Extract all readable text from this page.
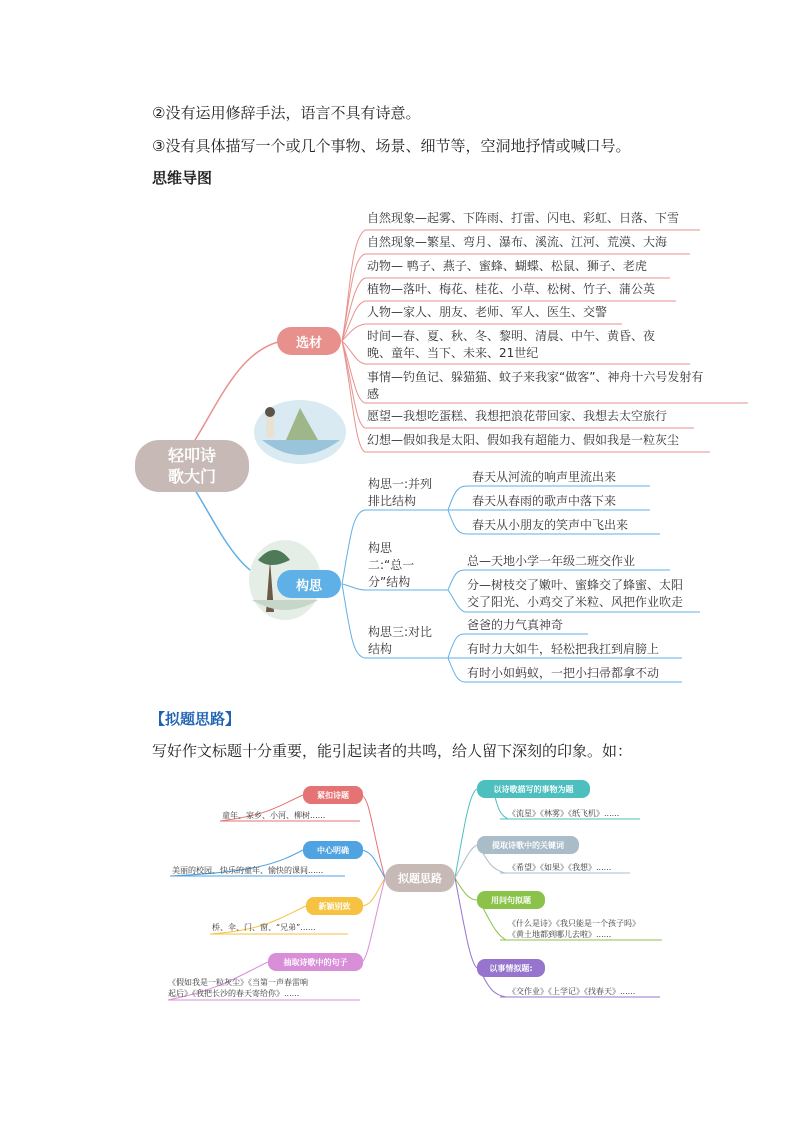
②没有运用修辞手法，语言不具有诗意。
③没有具体描写一个或几个事物、场景、细节等，空洞地抒情或喊口号。
思维导图
轻叩诗歌大门
选材
构思
自然现象—起雾、下阵雨、打雷、闪电、彩虹、日落、下雪
自然现象—繁星、弯月、瀑布、溪流、江河、荒漠、大海
动物— 鸭子、燕子、蜜蜂、蝴蝶、松鼠、狮子、老虎
植物—落叶、梅花、桂花、小草、松树、竹子、蒲公英
人物—家人、朋友、老师、军人、医生、交警
时间—春、夏、秋、冬、黎明、清晨、中午、黄昏、夜
晚、童年、当下、未来、21世纪
事情—钓鱼记、躲猫猫、蚊子来我家“做客”、神舟十六号发射有
感
愿望—我想吃蛋糕、我想把浪花带回家、我想去太空旅行
幻想—假如我是太阳、假如我有超能力、假如我是一粒灰尘
构思一:并列
排比结构
构思
二:“总一
分”结构
构思三:对比
结构
春天从河流的响声里流出来
春天从春雨的歌声中落下来
春天从小朋友的笑声中飞出来
总—天地小学一年级二班交作业
分—树枝交了嫩叶、蜜蜂交了蜂蜜、太阳
交了阳光、小鸡交了米粒、风把作业吹走
爸爸的力气真神奇
有时力大如牛，轻松把我扛到肩膀上
有时小如蚂蚁，一把小扫帚都拿不动
【拟题思路】
写好作文标题十分重要，能引起读者的共鸣，给人留下深刻的印象。如：
拟题思路
紧扣诗题
中心明确
新颖别致
抽取诗歌中的句子
童年、家乡、小河、柳树......
美丽的校园、快乐的童年、愉快的课间......
桥、伞、门、窗、“兄弟”......
《假如我是一粒灰尘》《当第一声春雷响
起后》《我把长沙的春天寄给你》......
以诗歌描写的事物为题
提取诗歌中的关键词
用问句拟题
以事情拟题:
《流星》《林雾》《纸飞机》......
《希望》《如果》《我想》......
《什么是诗》《我只能是一个孩子吗》
《黄土地都到哪儿去啦》......
《交作业》《上学记》《找春天》......
